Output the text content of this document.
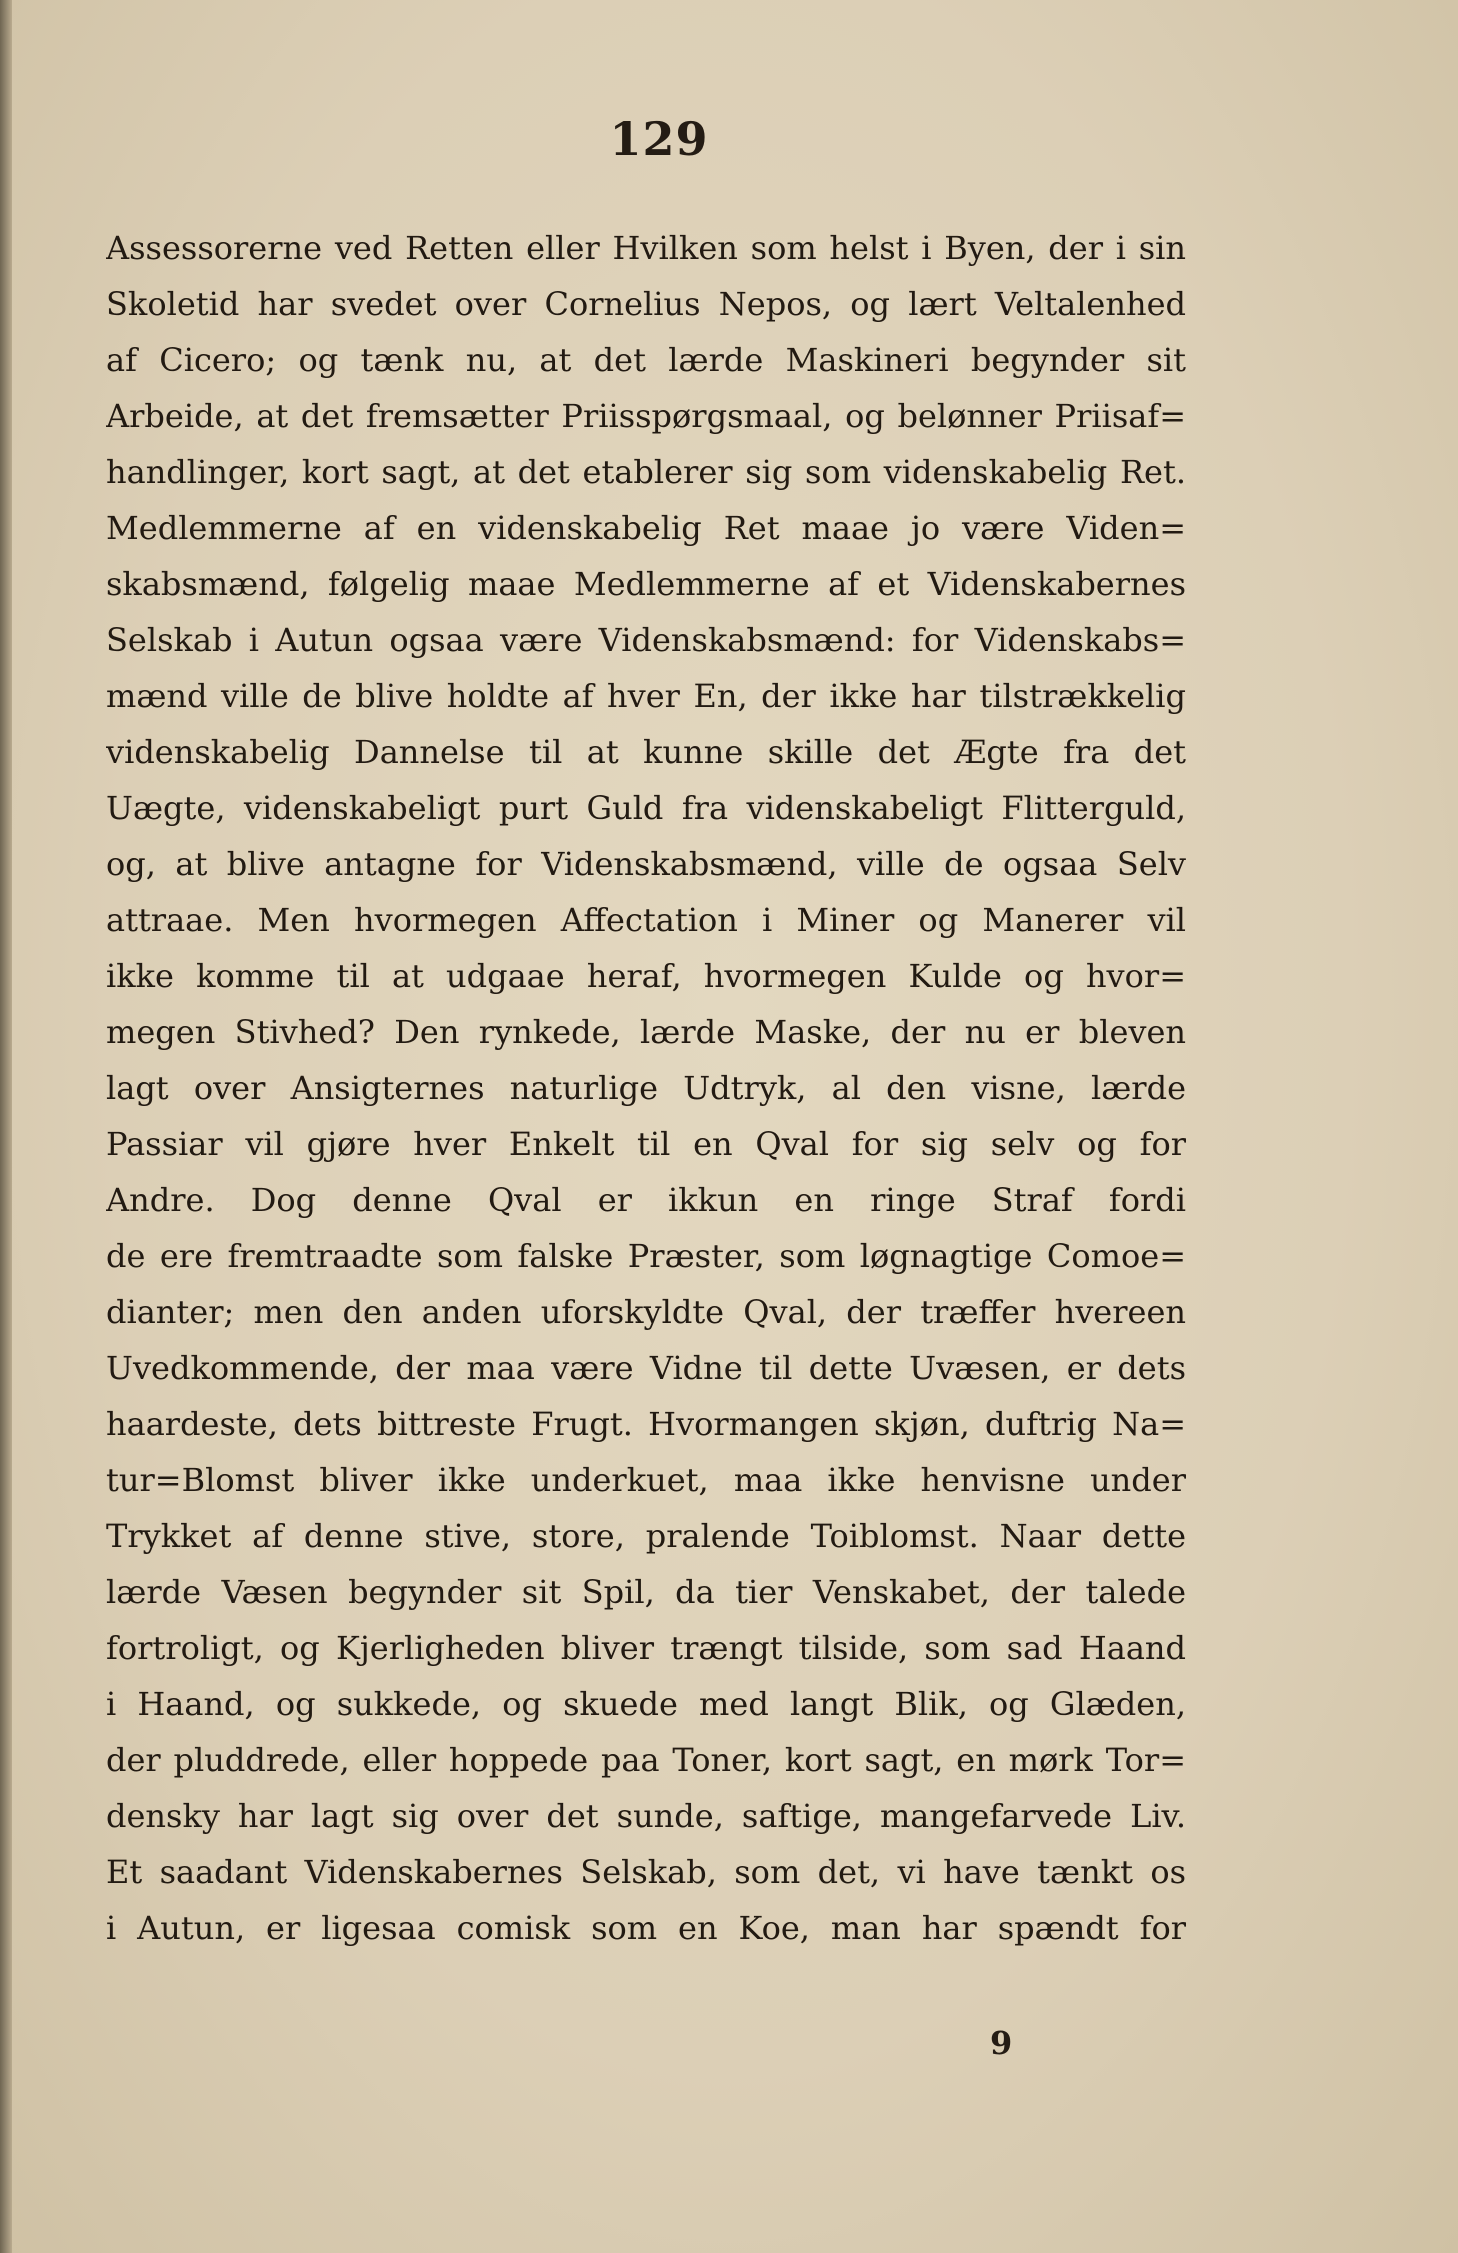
129
Assessorerne ved Retten eller Hvilken som helst i Byen, der i sin
Skoletid har svedet over Cornelius Nepos, og lært Veltalenhed
af Cicero; og tænk nu, at det lærde Maskineri begynder sit
Arbeide, at det fremsætter Priisspørgsmaal, og belønner Priisaf=
handlinger, kort sagt, at det etablerer sig som videnskabelig Ret.
Medlemmerne af en videnskabelig Ret maae jo være Viden=
skabsmænd, følgelig maae Medlemmerne af et Videnskabernes
Selskab i Autun ogsaa være Videnskabsmænd: for Videnskabs=
mænd ville de blive holdte af hver En, der ikke har tilstrækkelig
videnskabelig Dannelse til at kunne skille det Ægte fra det
Uægte, videnskabeligt purt Guld fra videnskabeligt Flitterguld,
og, at blive antagne for Videnskabsmænd, ville de ogsaa Selv
attraae. Men hvormegen Affectation i Miner og Manerer vil
ikke komme til at udgaae heraf, hvormegen Kulde og hvor=
megen Stivhed? Den rynkede, lærde Maske, der nu er bleven
lagt over Ansigternes naturlige Udtryk, al den visne, lærde
Passiar vil gjøre hver Enkelt til en Qval for sig selv og for
Andre. Dog denne Qval er ikkun en ringe Straf fordi
de ere fremtraadte som falske Præster, som løgnagtige Comoe=
dianter; men den anden uforskyldte Qval, der træffer hvereen
Uvedkommende, der maa være Vidne til dette Uvæsen, er dets
haardeste, dets bittreste Frugt. Hvormangen skjøn, duftrig Na=
tur=Blomst bliver ikke underkuet, maa ikke henvisne under
Trykket af denne stive, store, pralende Toiblomst. Naar dette
lærde Væsen begynder sit Spil, da tier Venskabet, der talede
fortroligt, og Kjerligheden bliver trængt tilside, som sad Haand
i Haand, og sukkede, og skuede med langt Blik, og Glæden,
der pluddrede, eller hoppede paa Toner, kort sagt, en mørk Tor=
densky har lagt sig over det sunde, saftige, mangefarvede Liv.
Et saadant Videnskabernes Selskab, som det, vi have tænkt os
i Autun, er ligesaa comisk som en Koe, man har spændt for
9
